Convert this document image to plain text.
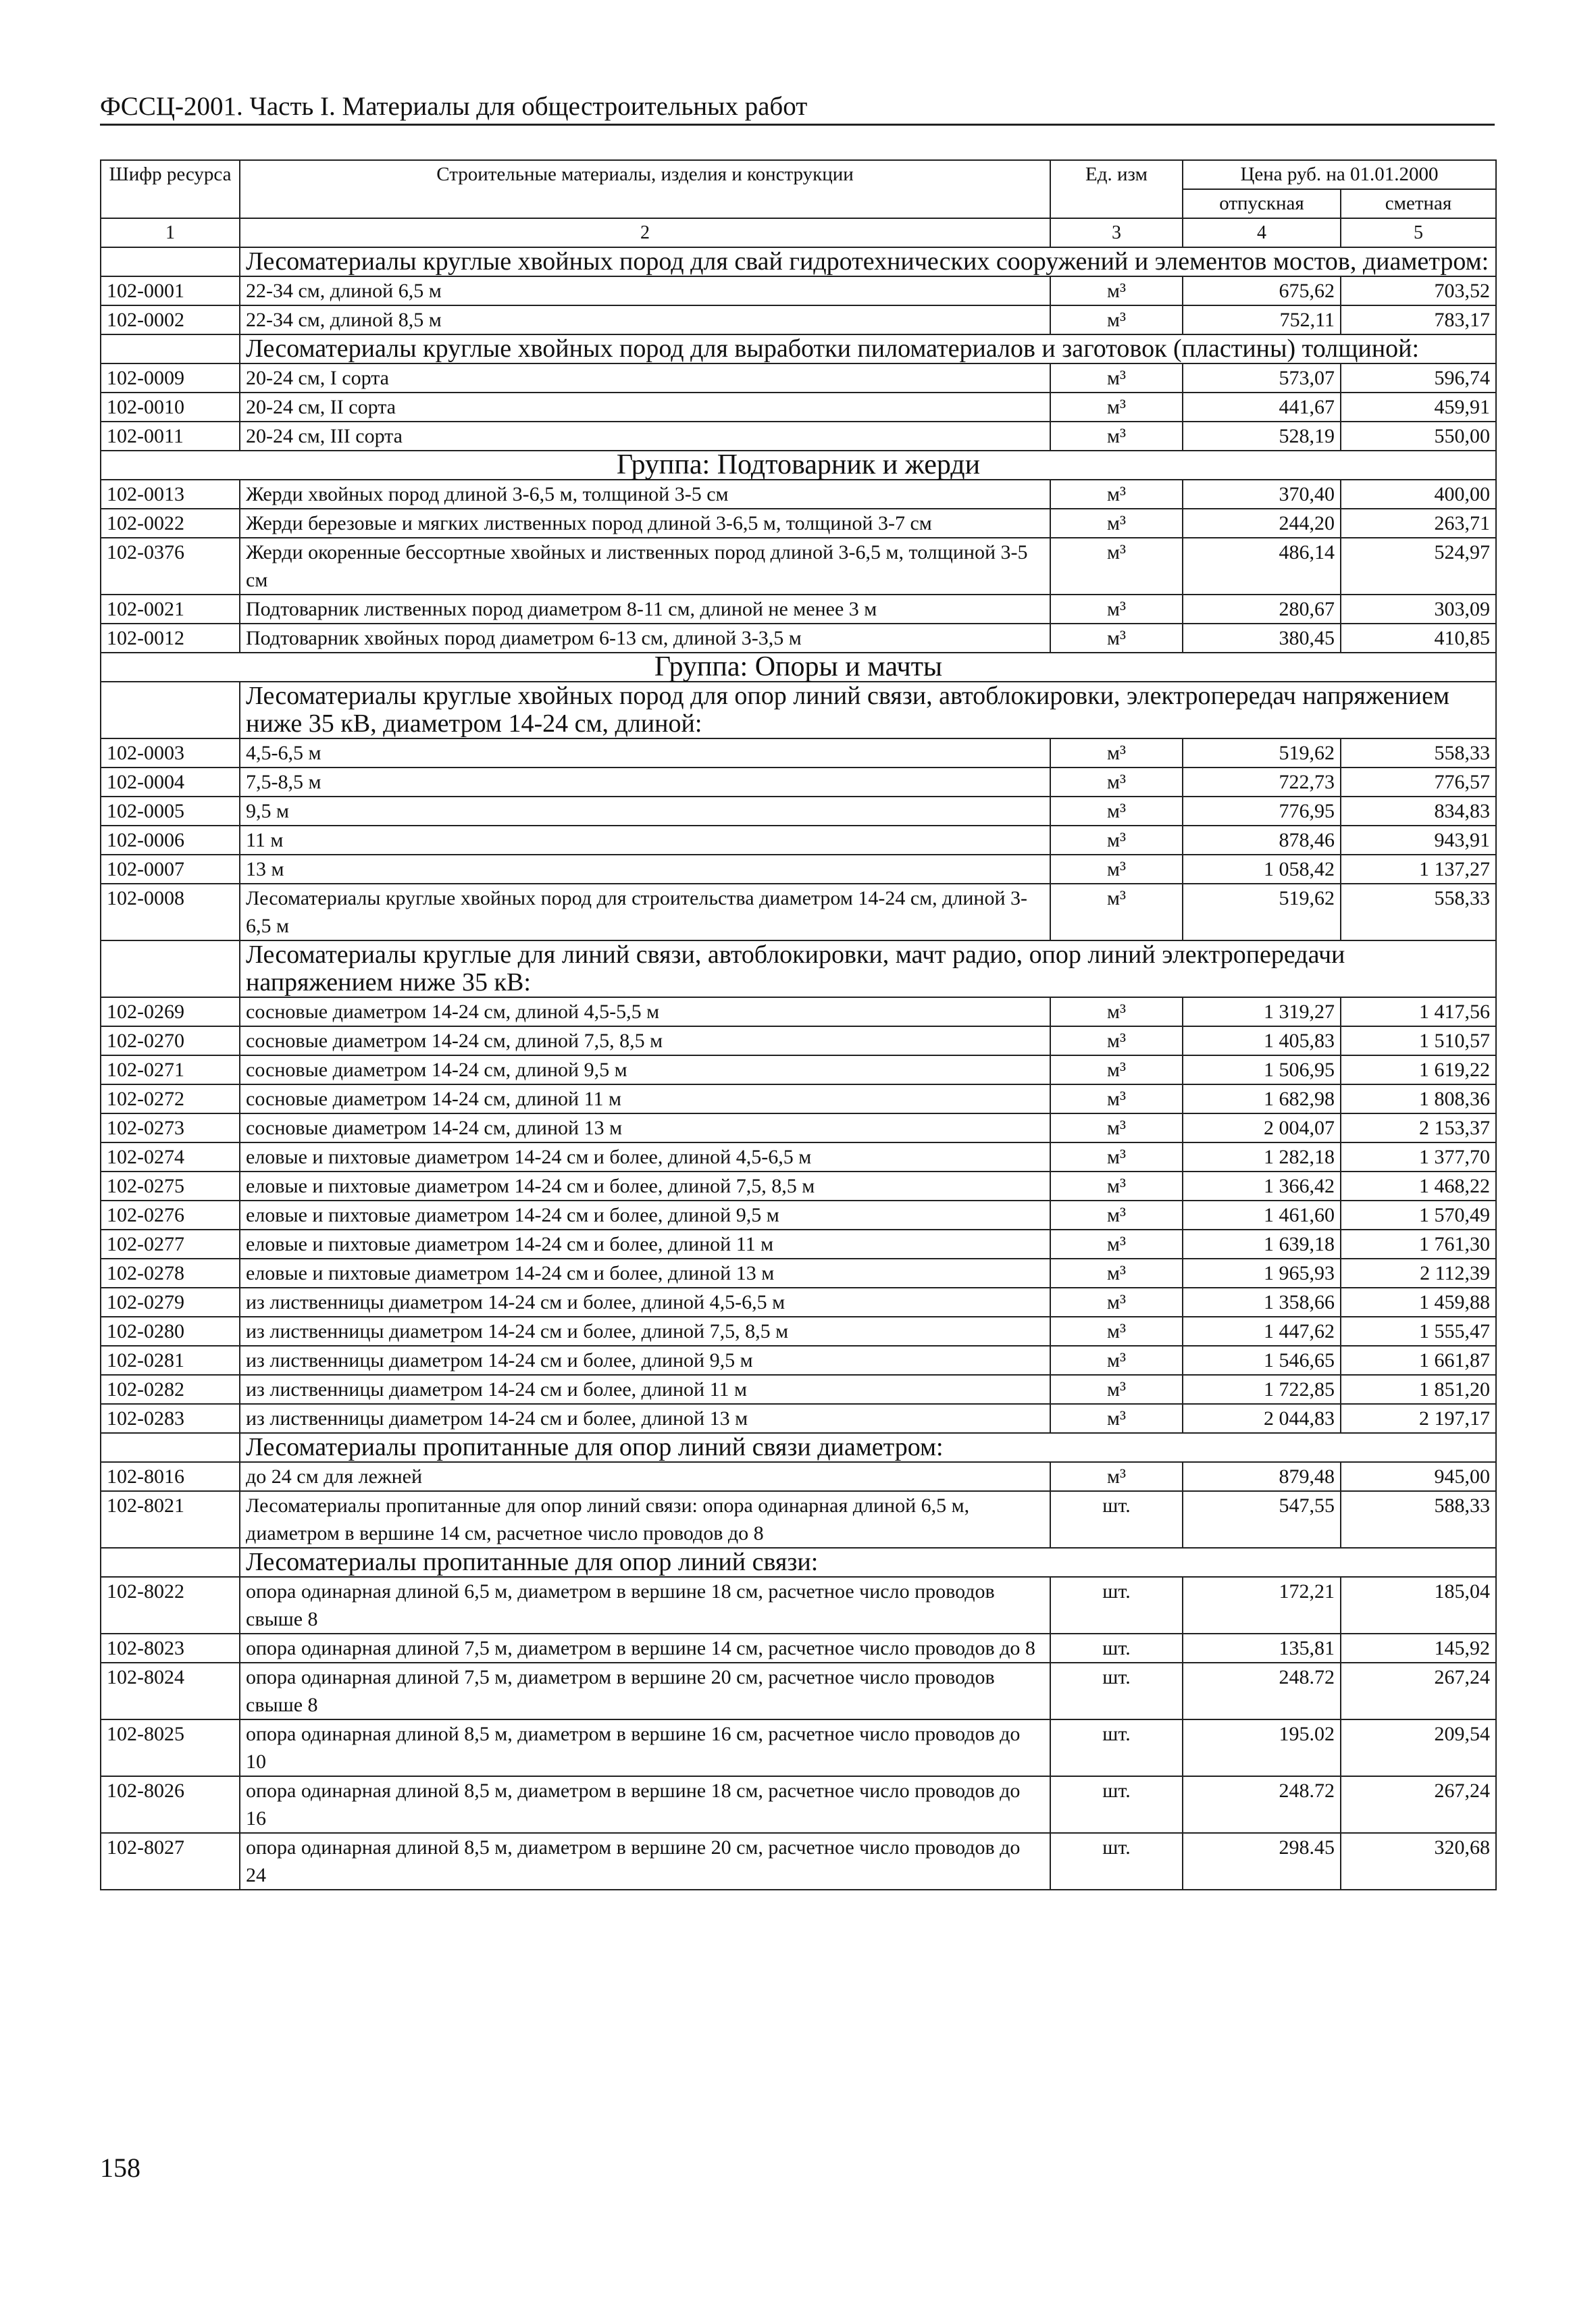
ФССЦ-2001. Часть I. Материалы для общестроительных работ
Шифр ресурса	Строительные материалы, изделия и конструкции	Ед. изм	Цена руб. на 01.01.2000	
			отпускная	сметная
1	2	3	4	5
	Лесоматериалы круглые хвойных пород для свай гидротехнических сооружений и элементов мостов, диаметром:			
102-0001	22-34 см, длиной 6,5 м	м³	675,62	703,52
102-0002	22-34 см, длиной 8,5 м	м³	752,11	783,17
	Лесоматериалы круглые хвойных пород для выработки пиломатериалов и заготовок (пластины) толщиной:			
102-0009	20-24 см, I сорта	м³	573,07	596,74
102-0010	20-24 см, II сорта	м³	441,67	459,91
102-0011	20-24 см, III сорта	м³	528,19	550,00
Группа: Подтоварник и жерди				
102-0013	Жерди хвойных пород длиной 3-6,5 м, толщиной 3-5 см	м³	370,40	400,00
102-0022	Жерди березовые и мягких лиственных пород длиной 3-6,5 м, толщиной 3-7 см	м³	244,20	263,71
102-0376	Жерди окоренные бессортные хвойных и лиственных пород длиной 3-6,5 м, толщиной 3-5 см	м³	486,14	524,97
102-0021	Подтоварник лиственных пород диаметром 8-11 см, длиной не менее 3 м	м³	280,67	303,09
102-0012	Подтоварник хвойных пород диаметром 6-13 см, длиной 3-3,5 м	м³	380,45	410,85
Группа: Опоры и мачты				
	Лесоматериалы круглые хвойных пород для опор линий связи, автоблокировки, электропередач напряжением ниже 35 кВ, диаметром 14-24 см, длиной:			
102-0003	4,5-6,5 м	м³	519,62	558,33
102-0004	7,5-8,5 м	м³	722,73	776,57
102-0005	9,5 м	м³	776,95	834,83
102-0006	11 м	м³	878,46	943,91
102-0007	13 м	м³	1 058,42	1 137,27
102-0008	Лесоматериалы круглые хвойных пород для строительства диаметром 14-24 см, длиной 3-6,5 м	м³	519,62	558,33
	Лесоматериалы круглые для линий связи, автоблокировки, мачт радио, опор линий электропередачи напряжением ниже 35 кВ:			
102-0269	сосновые диаметром 14-24 см, длиной 4,5-5,5 м	м³	1 319,27	1 417,56
102-0270	сосновые диаметром 14-24 см, длиной 7,5, 8,5 м	м³	1 405,83	1 510,57
102-0271	сосновые диаметром 14-24 см, длиной 9,5 м	м³	1 506,95	1 619,22
102-0272	сосновые диаметром 14-24 см, длиной 11 м	м³	1 682,98	1 808,36
102-0273	сосновые диаметром 14-24 см, длиной 13 м	м³	2 004,07	2 153,37
102-0274	еловые и пихтовые диаметром 14-24 см и более, длиной 4,5-6,5 м	м³	1 282,18	1 377,70
102-0275	еловые и пихтовые диаметром 14-24 см и более, длиной 7,5, 8,5 м	м³	1 366,42	1 468,22
102-0276	еловые и пихтовые диаметром 14-24 см и более, длиной 9,5 м	м³	1 461,60	1 570,49
102-0277	еловые и пихтовые диаметром 14-24 см и более, длиной 11 м	м³	1 639,18	1 761,30
102-0278	еловые и пихтовые диаметром 14-24 см и более, длиной 13 м	м³	1 965,93	2 112,39
102-0279	из лиственницы диаметром 14-24 см и более, длиной 4,5-6,5 м	м³	1 358,66	1 459,88
102-0280	из лиственницы диаметром 14-24 см и более, длиной 7,5, 8,5 м	м³	1 447,62	1 555,47
102-0281	из лиственницы диаметром 14-24 см и более, длиной 9,5 м	м³	1 546,65	1 661,87
102-0282	из лиственницы диаметром 14-24 см и более, длиной 11 м	м³	1 722,85	1 851,20
102-0283	из лиственницы диаметром 14-24 см и более, длиной 13 м	м³	2 044,83	2 197,17
	Лесоматериалы пропитанные для опор линий связи диаметром:			
102-8016	до 24 см для лежней	м³	879,48	945,00
102-8021	Лесоматериалы пропитанные для опор линий связи: опора одинарная длиной 6,5 м, диаметром в вершине 14 см, расчетное число проводов до 8	шт.	547,55	588,33
	Лесоматериалы пропитанные для опор линий связи:			
102-8022	опора одинарная длиной 6,5 м, диаметром в вершине 18 см, расчетное число проводов свыше 8	шт.	172,21	185,04
102-8023	опора одинарная длиной 7,5 м, диаметром в вершине 14 см, расчетное число проводов до 8	шт.	135,81	145,92
102-8024	опора одинарная длиной 7,5 м, диаметром в вершине 20 см, расчетное число проводов свыше 8	шт.	248.72	267,24
102-8025	опора одинарная длиной 8,5 м, диаметром в вершине 16 см, расчетное число проводов до 10	шт.	195.02	209,54
102-8026	опора одинарная длиной 8,5 м, диаметром в вершине 18 см, расчетное число проводов до 16	шт.	248.72	267,24
102-8027	опора одинарная длиной 8,5 м, диаметром в вершине 20 см, расчетное число проводов до 24	шт.	298.45	320,68
158
